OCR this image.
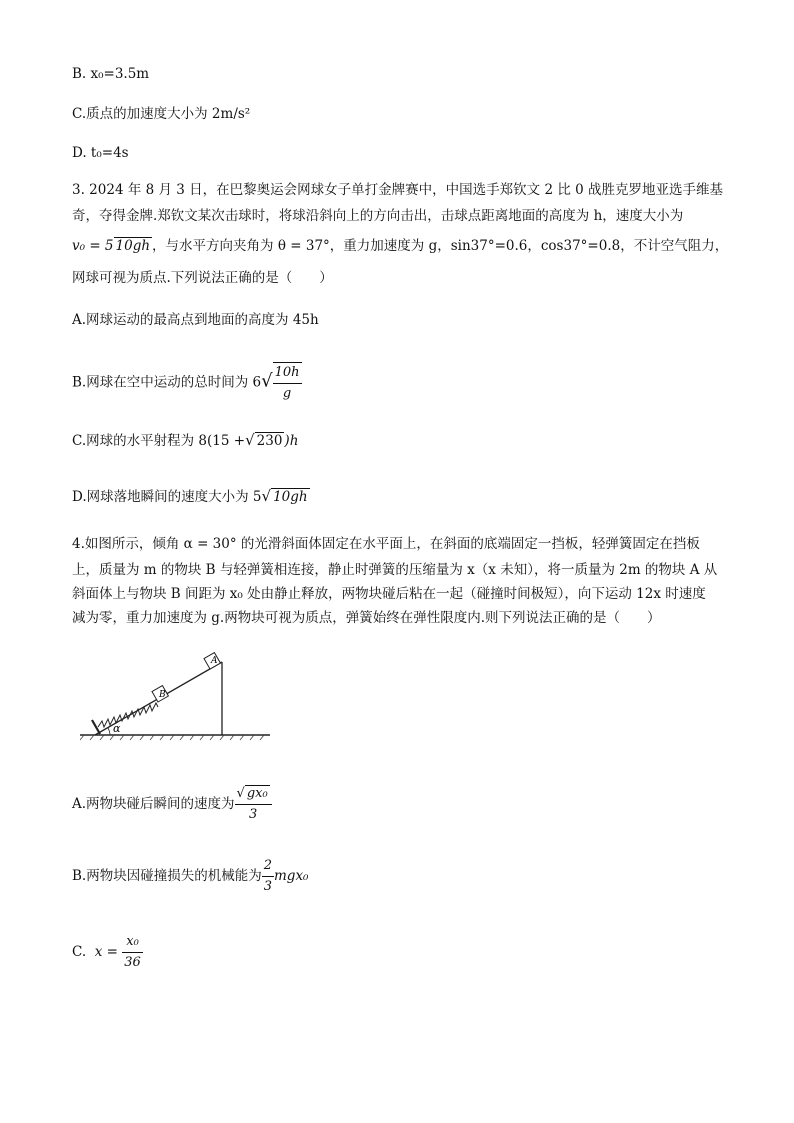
B. x₀=3.5m
C.质点的加速度大小为 2m/s²
D. t₀=4s
3. 2024 年 8 月 3 日，在巴黎奥运会网球女子单打金牌赛中，中国选手郑钦文 2 比 0 战胜克罗地亚选手维基
奇，夺得金牌.郑钦文某次击球时，将球沿斜向上的方向击出，击球点距离地面的高度为 h，速度大小为
v₀ = 5 10gh ，与水平方向夹角为 θ = 37°，重力加速度为 g，sin37°=0.6，cos37°=0.8，不计空气阻力，
网球可视为质点.下列说法正确的是（　　）
A.网球运动的最高点到地面的高度为 45h
B.网球在空中运动的总时间为 $6√ \frac{10h}{g}$
C.网球的水平射程为 8(15 +√ 230 )h
D.网球落地瞬间的速度大小为 5√ 10gh
4.如图所示，倾角 α = 30° 的光滑斜面体固定在水平面上，在斜面的底端固定一挡板，轻弹簧固定在挡板
上，质量为 m 的物块 B 与轻弹簧相连接，静止时弹簧的压缩量为 x（x 未知），将一质量为 2m 的物块 A 从
斜面体上与物块 B 间距为 x₀ 处由静止释放，两物块碰后粘在一起（碰撞时间极短），向下运动 12x 时速度
减为零，重力加速度为 g.两物块可视为质点，弹簧始终在弹性限度内.则下列说法正确的是（　　）
B
A
α
A.两物块碰后瞬间的速度为 $\frac{\text{√ gx₀}}{3}$
B.两物块因碰撞损失的机械能为 $\frac{2}{3} mgx_0$
C. $x = \frac{\text{x₀}}{36}$
